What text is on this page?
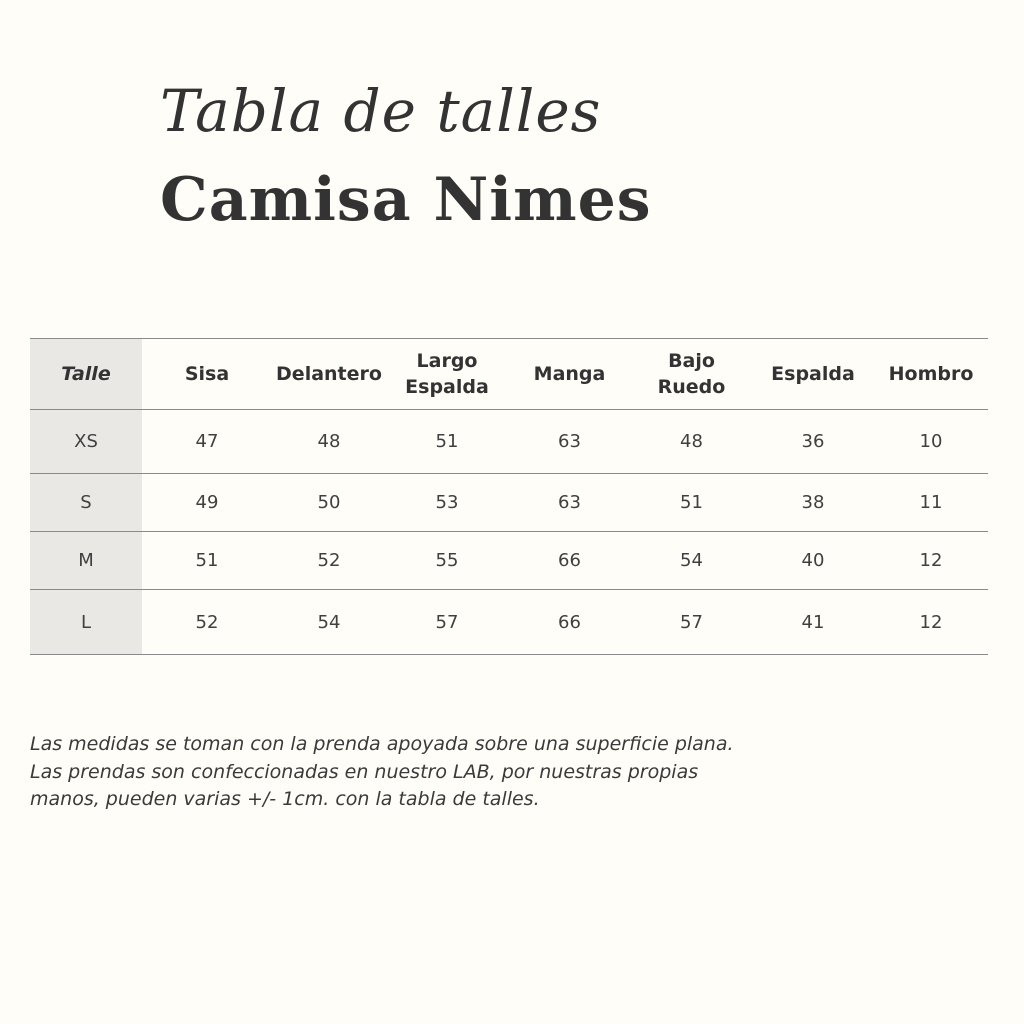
Tabla de talles
Camisa Nimes
Talle	Sisa	Delantero	Largo Espalda	Manga	Bajo Ruedo	Espalda	Hombro
XS	47	48	51	63	48	36	10
S	49	50	53	63	51	38	11
M	51	52	55	66	54	40	12
L	52	54	57	66	57	41	12

Las medidas se toman con la prenda apoyada sobre una superficie plana.

Las prendas son confeccionadas en nuestro LAB, por nuestras propias manos, pueden varias +/- 1cm. con la tabla de talles.
